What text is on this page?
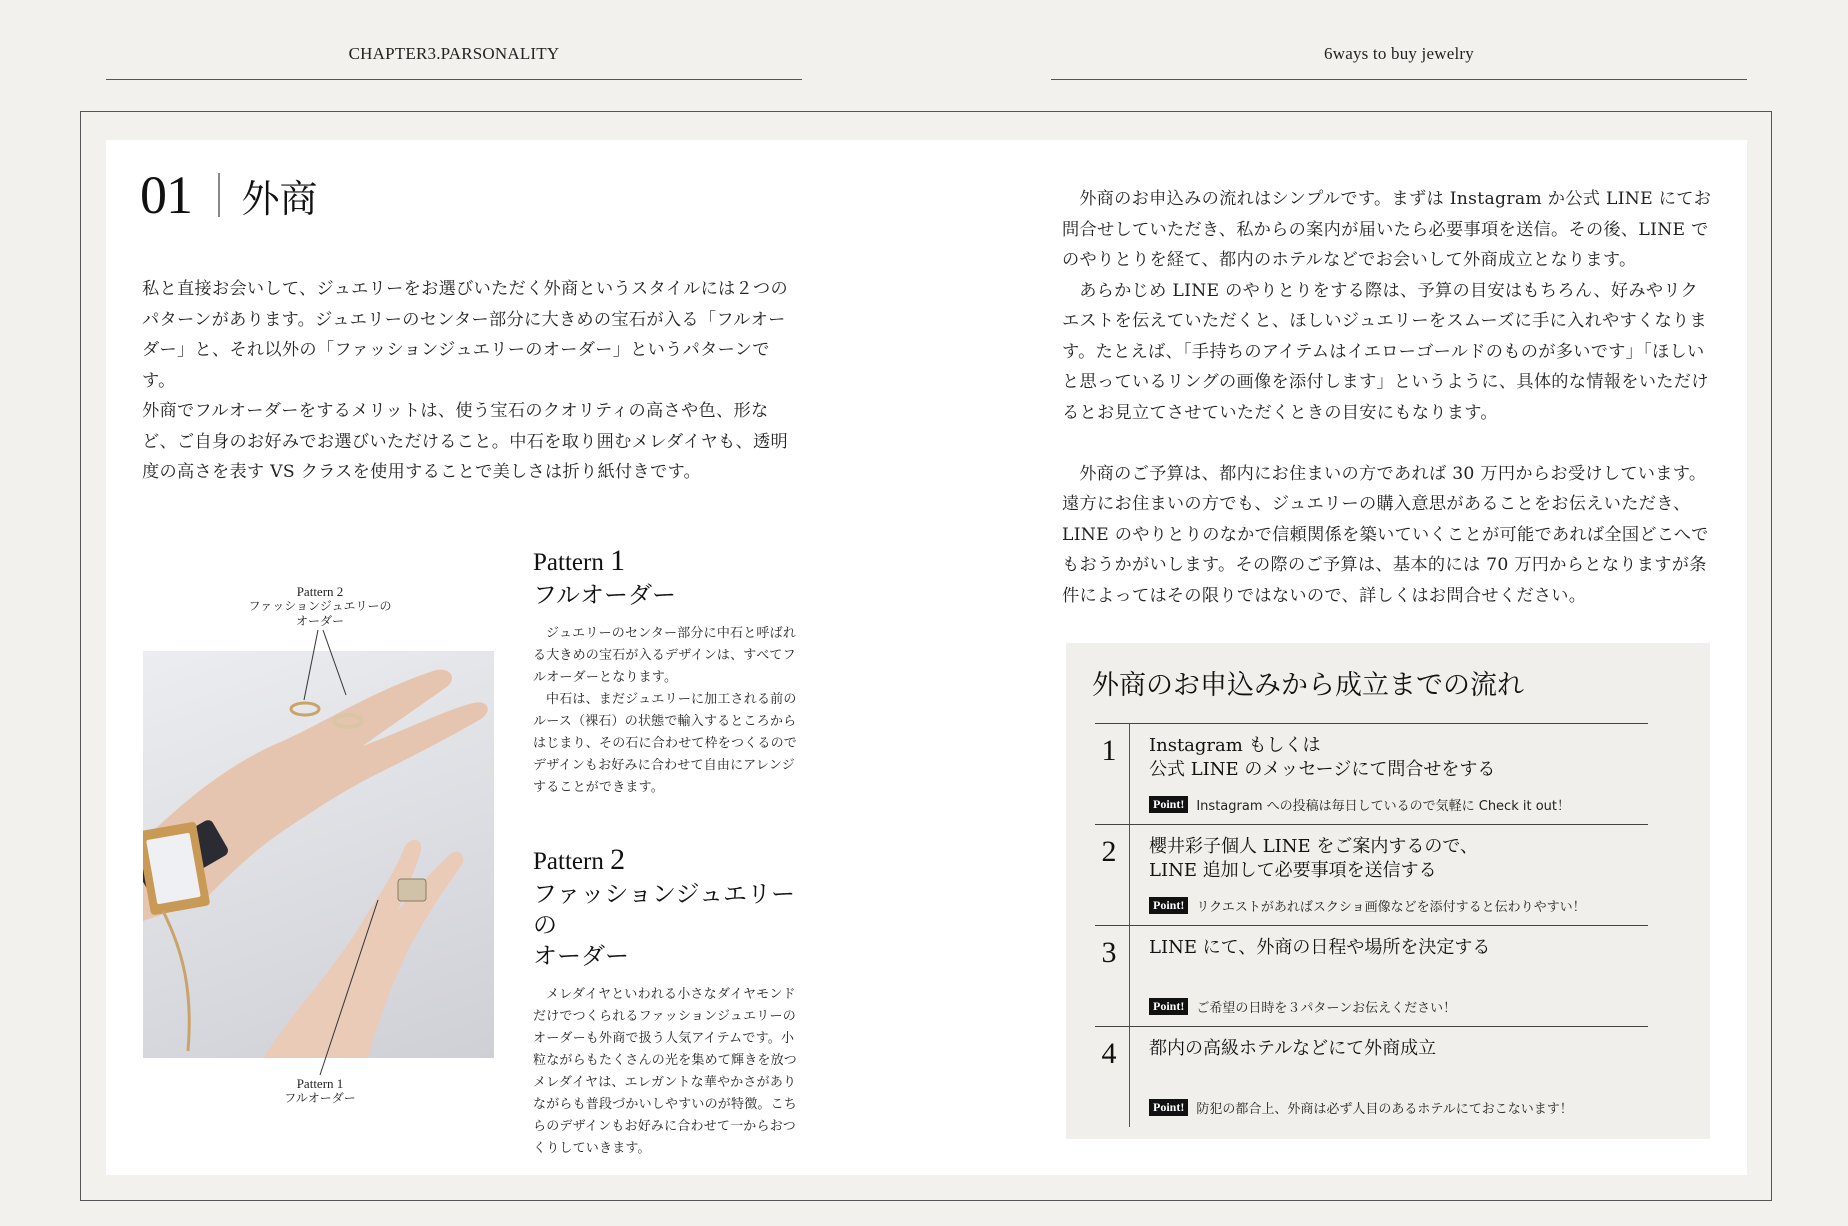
CHAPTER3.PARSONALITY	6ways to buy jewelry
01 外商

私と直接お会いして、ジュエリーをお選びいただく外商というスタイルには２つのパターンがあります。ジュエリーのセンター部分に大きめの宝石が入る「フルオーダー」と、それ以外の「ファッションジュエリーのオーダー」というパターンです。

外商でフルオーダーをするメリットは、使う宝石のクオリティの高さや色、形など、ご自身のお好みでお選びいただけること。中石を取り囲むメレダイヤも、透明度の高さを表す VS クラスを使用することで美しさは折り紙付きです。

Pattern 2
ファッションジュエリーの
オーダー
Pattern 1
フルオーダー
Pattern 1
フルオーダー

ジュエリーのセンター部分に中石と呼ばれる大きめの宝石が入るデザインは、すべてフルオーダーとなります。

中石は、まだジュエリーに加工される前のルース（裸石）の状態で輸入するところからはじまり、その石に合わせて枠をつくるのでデザインもお好みに合わせて自由にアレンジすることができます。

Pattern 2
ファッションジュエリーの
オーダー

メレダイヤといわれる小さなダイヤモンドだけでつくられるファッションジュエリーのオーダーも外商で扱う人気アイテムです。小粒ながらもたくさんの光を集めて輝きを放つメレダイヤは、エレガントな華やかさがありながらも普段づかいしやすいのが特徴。こちらのデザインもお好みに合わせて一からおつくりしていきます。

外商のお申込みの流れはシンプルです。まずは Instagram か公式 LINE にてお問合せしていただき、私からの案内が届いたら必要事項を送信。その後、LINE でのやりとりを経て、都内のホテルなどでお会いして外商成立となります。

あらかじめ LINE のやりとりをする際は、予算の目安はもちろん、好みやリクエストを伝えていただくと、ほしいジュエリーをスムーズに手に入れやすくなります。たとえば、「手持ちのアイテムはイエローゴールドのものが多いです」「ほしいと思っているリングの画像を添付します」というように、具体的な情報をいただけるとお見立てさせていただくときの目安にもなります。

外商のご予算は、都内にお住まいの方であれば 30 万円からお受けしています。遠方にお住まいの方でも、ジュエリーの購入意思があることをお伝えいただき、LINE のやりとりのなかで信頼関係を築いていくことが可能であれば全国どこへでもおうかがいします。その際のご予算は、基本的には 70 万円からとなりますが条件によってはその限りではないので、詳しくはお問合せください。

外商のお申込みから成立までの流れ
1	Instagram もしくは
公式 LINE のメッセージにて問合せをする
Point! Instagram への投稿は毎日しているので気軽に Check it out！
2	櫻井彩子個人 LINE をご案内するので、
LINE 追加して必要事項を送信する
Point! リクエストがあればスクショ画像などを添付すると伝わりやすい！
3	LINE にて、外商の日程や場所を決定する
Point! ご希望の日時を３パターンお伝えください！
4	都内の高級ホテルなどにて外商成立
Point! 防犯の都合上、外商は必ず人目のあるホテルにておこないます！
